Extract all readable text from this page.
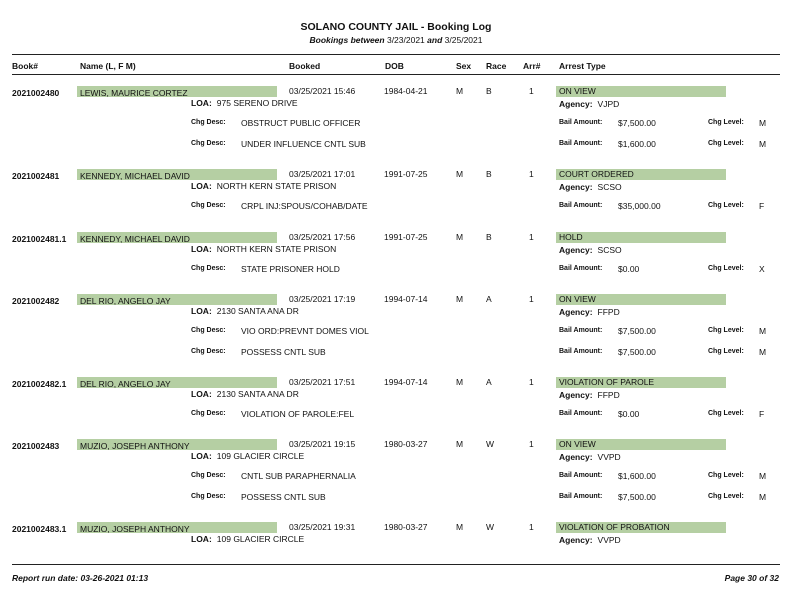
SOLANO COUNTY JAIL - Booking Log
Bookings between 3/23/2021 and 3/25/2021
Book#	Name (L, F M)	Booked	DOB	Sex Race Arr# Arrest Type
2021002480 LEWIS, MAURICE CORTEZ	03/25/2021 15:46	1984-04-21	M	B	1	ON VIEW
LOA: 975 SERENO DRIVE	Agency: VJPD
Chg Desc: OBSTRUCT PUBLIC OFFICER	Bail Amount: $7,500.00	Chg Level: M
Chg Desc: UNDER INFLUENCE CNTL SUB	Bail Amount: $1,600.00	Chg Level: M
2021002481 KENNEDY, MICHAEL DAVID	03/25/2021 17:01	1991-07-25	M	B	1	COURT ORDERED
LOA: NORTH KERN STATE PRISON	Agency: SCSO
Chg Desc: CRPL INJ:SPOUS/COHAB/DATE	Bail Amount: $35,000.00	Chg Level: F
2021002481.1 KENNEDY, MICHAEL DAVID	03/25/2021 17:56	1991-07-25	M	B	1	HOLD
LOA: NORTH KERN STATE PRISON	Agency: SCSO
Chg Desc: STATE PRISONER HOLD	Bail Amount: $0.00	Chg Level: X
2021002482 DEL RIO, ANGELO JAY	03/25/2021 17:19	1994-07-14	M	A	1	ON VIEW
LOA: 2130 SANTA ANA DR	Agency: FFPD
Chg Desc: VIO ORD:PREVNT DOMES VIOL	Bail Amount: $7,500.00	Chg Level: M
Chg Desc: POSSESS CNTL SUB	Bail Amount: $7,500.00	Chg Level: M
2021002482.1 DEL RIO, ANGELO JAY	03/25/2021 17:51	1994-07-14	M	A	1	VIOLATION OF PAROLE
LOA: 2130 SANTA ANA DR	Agency: FFPD
Chg Desc: VIOLATION OF PAROLE:FEL	Bail Amount: $0.00	Chg Level: F
2021002483 MUZIO, JOSEPH ANTHONY	03/25/2021 19:15	1980-03-27	M	W	1	ON VIEW
LOA: 109 GLACIER CIRCLE	Agency: VVPD
Chg Desc: CNTL SUB PARAPHERNALIA	Bail Amount: $1,600.00	Chg Level: M
Chg Desc: POSSESS CNTL SUB	Bail Amount: $7,500.00	Chg Level: M
2021002483.1 MUZIO, JOSEPH ANTHONY	03/25/2021 19:31	1980-03-27	M	W	1	VIOLATION OF PROBATION
LOA: 109 GLACIER CIRCLE	Agency: VVPD
Report run date: 03-26-2021 01:13	Page 30 of 32
